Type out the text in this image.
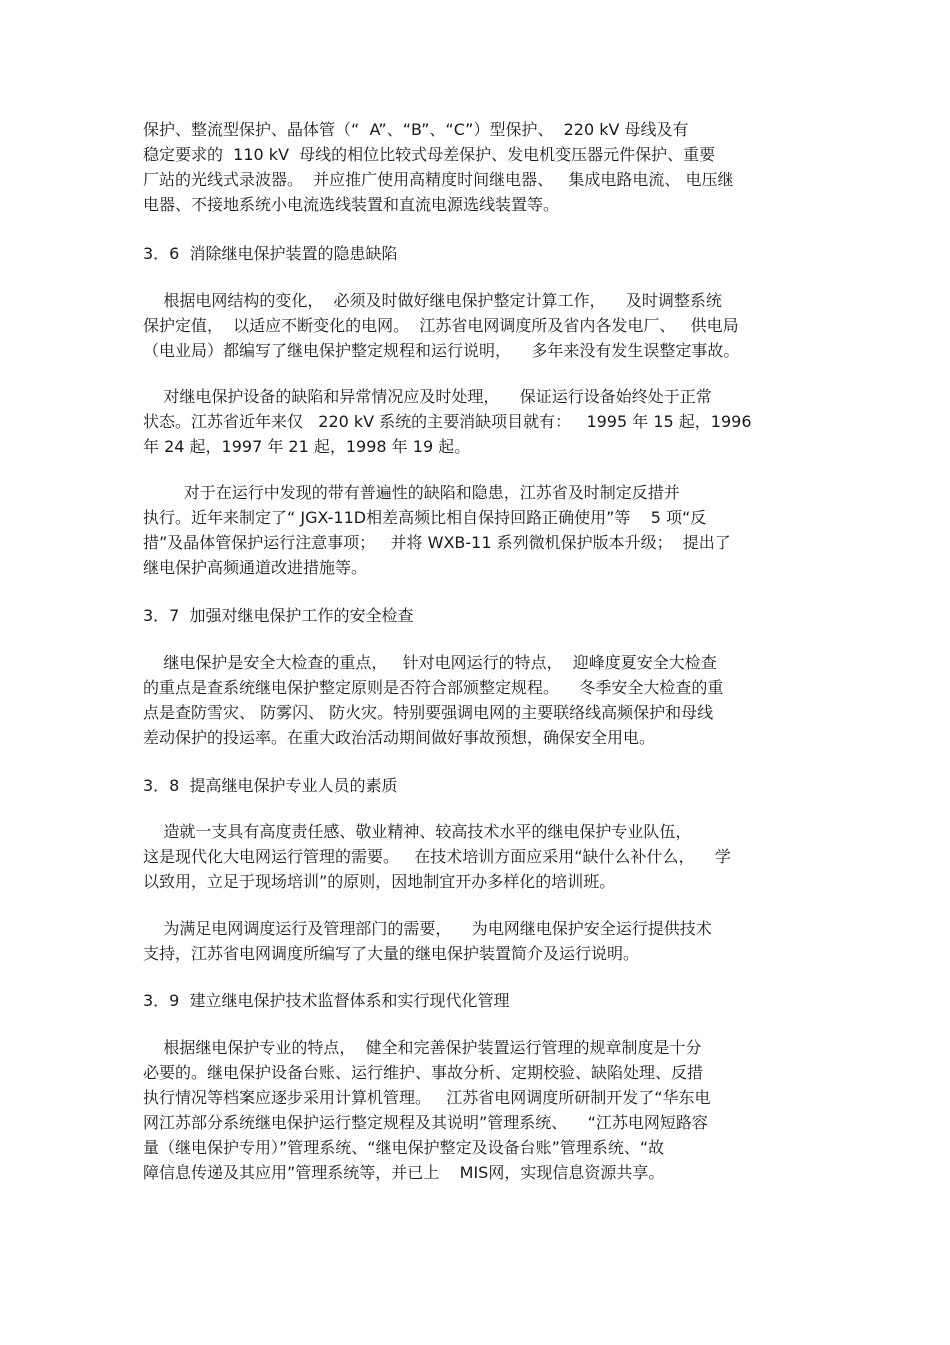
保护、整流型保护、晶体管（“  A”、“B”、“C”）型保护、  220 kV 母线及有
稳定要求的  110 kV  母线的相位比较式母差保护、发电机变压器元件保护、重要
厂站的光线式录波器。  并应推广使用高精度时间继电器、   集成电路电流、 电压继
电器、不接地系统小电流选线装置和直流电源选线装置等。
3．6  消除继电保护装置的隐患缺陷
根据电网结构的变化，  必须及时做好继电保护整定计算工作，    及时调整系统
保护定值，  以适应不断变化的电网。  江苏省电网调度所及省内各发电厂、   供电局
（电业局）都编写了继电保护整定规程和运行说明，    多年来没有发生误整定事故。
对继电保护设备的缺陷和异常情况应及时处理，    保证运行设备始终处于正常
状态。江苏省近年来仅   220 kV 系统的主要消缺项目就有：   1995 年 15 起，1996
年 24 起，1997 年 21 起，1998 年 19 起。
对于在运行中发现的带有普遍性的缺陷和隐患，江苏省及时制定反措并
执行。近年来制定了“ JGX-11D相差高频比相自保持回路正确使用”等    5 项“反
措”及晶体管保护运行注意事项；   并将 WXB-11 系列微机保护版本升级；  提出了
继电保护高频通道改进措施等。
3．7  加强对继电保护工作的安全检查
继电保护是安全大检查的重点，   针对电网运行的特点，  迎峰度夏安全大检查
的重点是查系统继电保护整定原则是否符合部颁整定规程。    冬季安全大检查的重
点是查防雪灾、 防雾闪、 防火灾。特别要强调电网的主要联络线高频保护和母线
差动保护的投运率。在重大政治活动期间做好事故预想，确保安全用电。
3．8  提高继电保护专业人员的素质
造就一支具有高度责任感、敬业精神、较高技术水平的继电保护专业队伍，
这是现代化大电网运行管理的需要。   在技术培训方面应采用“缺什么补什么，    学
以致用，立足于现场培训”的原则，因地制宜开办多样化的培训班。
为满足电网调度运行及管理部门的需要，    为电网继电保护安全运行提供技术
支持，江苏省电网调度所编写了大量的继电保护装置简介及运行说明。
3．9  建立继电保护技术监督体系和实行现代化管理
根据继电保护专业的特点，  健全和完善保护装置运行管理的规章制度是十分
必要的。继电保护设备台账、运行维护、事故分析、定期校验、缺陷处理、反措
执行情况等档案应逐步采用计算机管理。   江苏省电网调度所研制开发了“华东电
网江苏部分系统继电保护运行整定规程及其说明”管理系统、    “江苏电网短路容
量（继电保护专用）”管理系统、“继电保护整定及设备台账”管理系统、“故
障信息传递及其应用”管理系统等，并已上    MIS网，实现信息资源共享。
